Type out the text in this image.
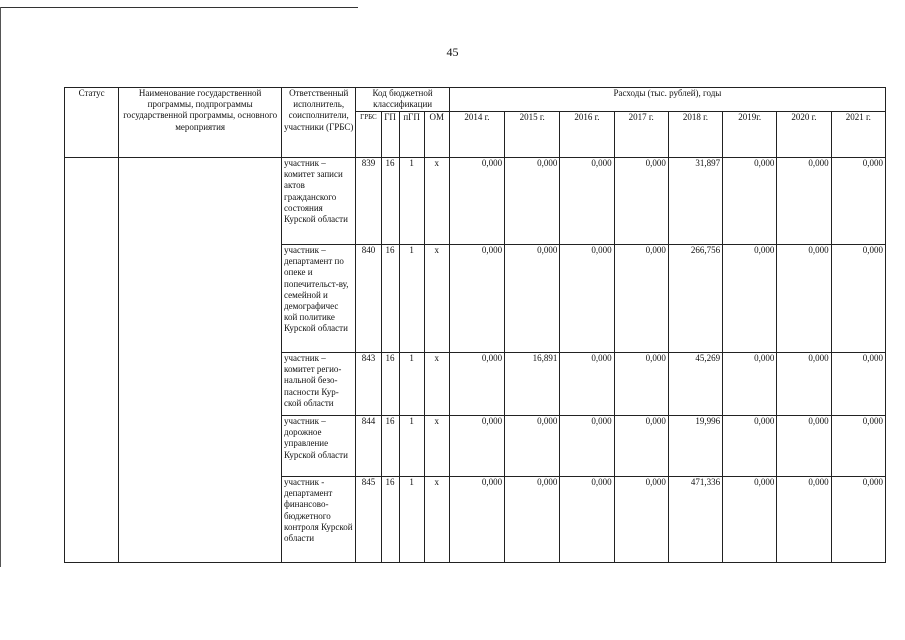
45
Статус	Наименование государственной программы, подпрограммы государственной программы, основного мероприятия	Ответственный исполнитель, соисполнители, участники (ГРБС)	Код бюджетной классификации				Расходы (тыс. рублей), годы							
			ГРБС	ГП	пГП	ОМ	2014 г.	2015 г.	2016 г.	2017 г.	2018 г.	2019г.	2020 г.	2021 г.
		участник – комитет записи актов гражданского состояния Курской области	839	16	1	х	0,000	0,000	0,000	0,000	31,897	0,000	0,000	0,000
		участник – департамент по опеке и попечительст-ву, семейной и демографичес кой политике Курской области	840	16	1	х	0,000	0,000	0,000	0,000	266,756	0,000	0,000	0,000
		участник – комитет регио-нальной безо-пасности Кур-ской области	843	16	1	х	0,000	16,891	0,000	0,000	45,269	0,000	0,000	0,000
		участник – дорожное управление Курской области	844	16	1	х	0,000	0,000	0,000	0,000	19,996	0,000	0,000	0,000
		участник - департамент финансово-бюджетного контроля Курской области	845	16	1	х	0,000	0,000	0,000	0,000	471,336	0,000	0,000	0,000
